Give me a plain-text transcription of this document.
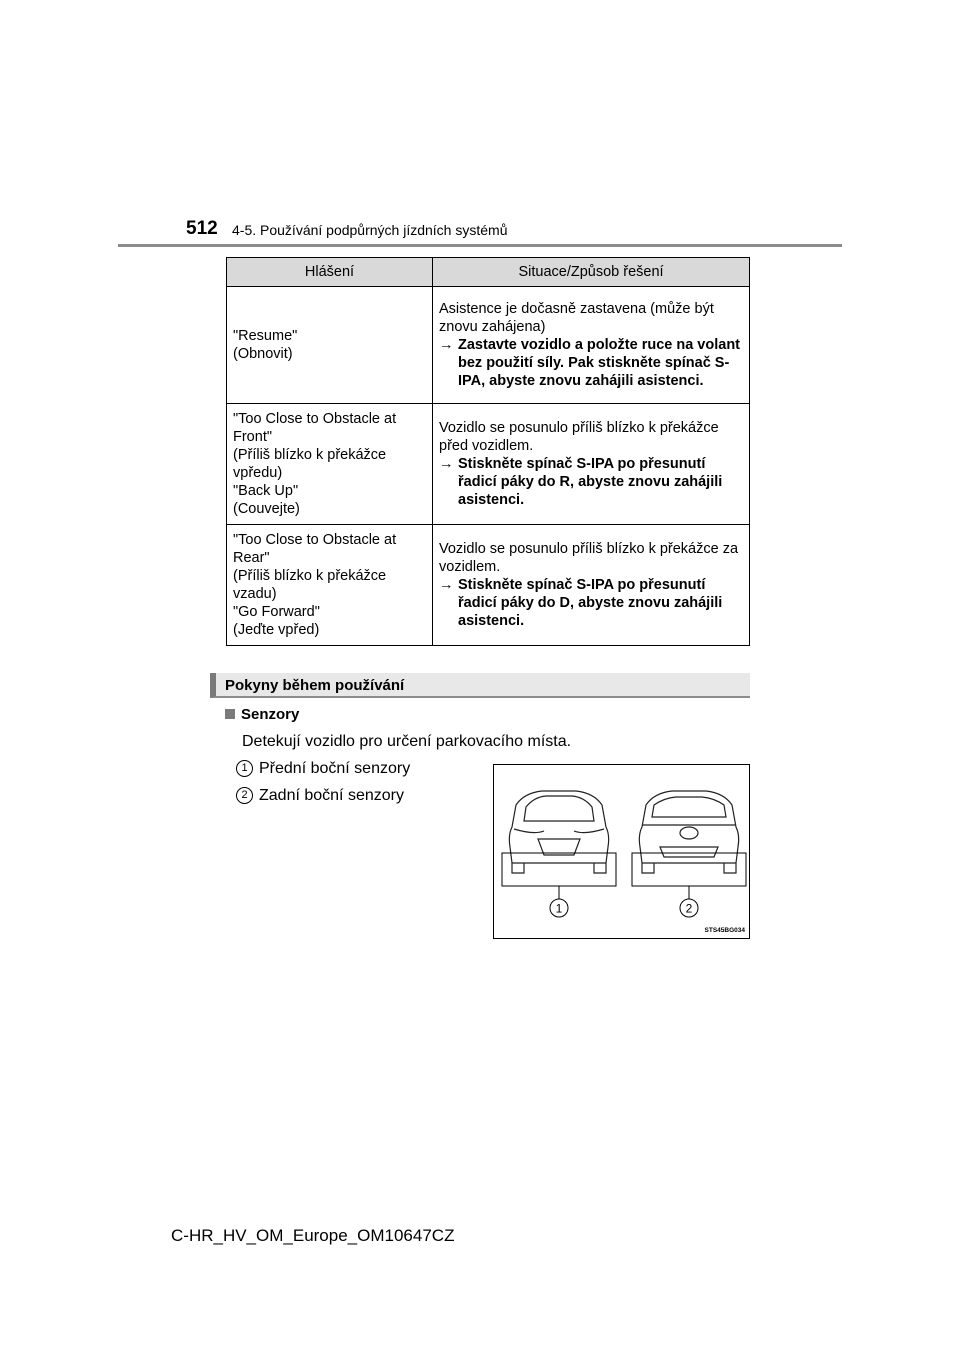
512 4-5. Používání podpůrných jízdních systémů
Hlášení	Situace/Způsob řešení

"Resume"
(Obnovit)	Asistence je dočasně zastavena (může být znovu zahájena)
→ Zastavte vozidlo a položte ruce na volant bez použití síly. Pak stiskněte spínač S-IPA, abyste znovu zahájili asistenci.

"Too Close to Obstacle at Front"
(Příliš blízko k překážce vpředu)
"Back Up"
(Couvejte)	Vozidlo se posunulo příliš blízko k překážce před vozidlem.
→ Stiskněte spínač S-IPA po přesunutí řadicí páky do R, abyste znovu zahájili asistenci.

"Too Close to Obstacle at Rear"
(Příliš blízko k překážce vzadu)
"Go Forward"
(Jeďte vpřed)	Vozidlo se posunulo příliš blízko k překážce za vozidlem.
→ Stiskněte spínač S-IPA po přesunutí řadicí páky do D, abyste znovu zahájili asistenci.
Pokyny během používání
Senzory
Detekují vozidlo pro určení parkovacího místa.
1 Přední boční senzory
2 Zadní boční senzory
1	2
STS45BG034
C-HR_HV_OM_Europe_OM10647CZ
